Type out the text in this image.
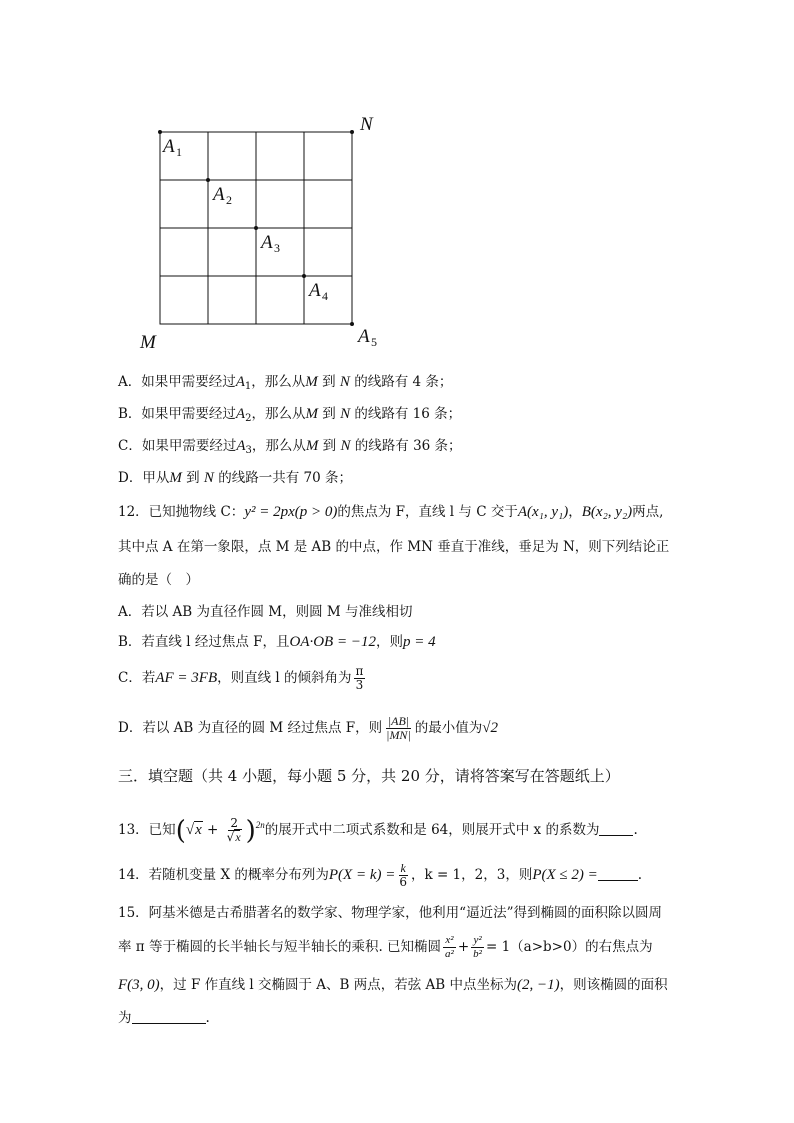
N
M
A
A
A
A
A
1
2
3
4
5
A．如果甲需要经过$A_1$，那么从M 到 N 的线路有 4 条；
B．如果甲需要经过$A_2$，那么从M 到 N 的线路有 16 条；
C．如果甲需要经过$A_3$，那么从M 到 N 的线路有 36 条；
D．甲从M 到 N 的线路一共有 70 条；
12．已知抛物线 C：y² = 2px(p > 0)的焦点为 F，直线 l 与 C 交于A(x₁, y₁)，B(x₂, y₂)两点,
其中点 A 在第一象限，点 M 是 AB 的中点，作 MN 垂直于准线，垂足为 N，则下列结论正
确的是（　）
A．若以 AB 为直径作圆 M，则圆 M 与准线相切
B．若直线 l 经过焦点 F，且OA·OB = −12，则p = 4
C．若AF = 3FB，则直线 l 的倾斜角为 $\frac{\pi}{3}$
D．若以 AB 为直径的圆 M 经过焦点 F，则 $\frac{|AB|}{|MN|}$ 的最小值为√2
三．填空题（共 4 小题，每小题 5 分，共 20 分，请将答案写在答题纸上）
13．已知$(√x + \frac{2}{√x} )^{2n}$的展开式中二项式系数和是 64，则展开式中 x 的系数为	.
14．若随机变量 X 的概率分布列为$P(X = k) = \frac{k}{6}$ ，k = 1，2，3，则P(X ≤ 2) =	.
15．阿基米德是古希腊著名的数学家、物理学家，他利用“逼近法”得到椭圆的面积除以圆周
率 π 等于椭圆的长半轴长与短半轴长的乘积. 已知椭圆 $\frac{\text{x²}}{\text{a²}} + \frac{\text{y²}}{\text{b²}} = 1(a>b>0)$的右焦点为
F(3, 0)，过 F 作直线 l 交椭圆于 A、B 两点，若弦 AB 中点坐标为(2, −1)，则该椭圆的面积
为	.
